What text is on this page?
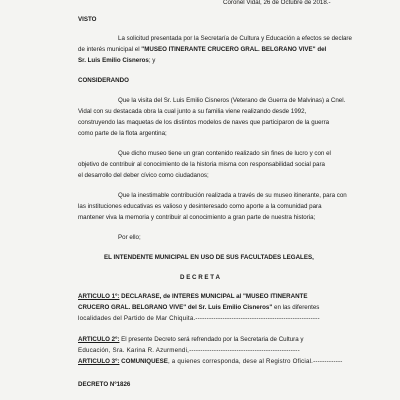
Coronel Vidal, 26 de Octubre de 2018.-
VISTO
La solicitud presentada por la Secretaría de Cultura y Educación a efectos se declare
de interés municipal el "MUSEO ITINERANTE CRUCERO GRAL. BELGRANO VIVE" del
Sr. Luis Emilio Cisneros; y
CONSIDERANDO
Que la visita del Sr. Luis Emilio Cisneros (Veterano de Guerra de Malvinas) a Cnel.
Vidal con su destacada obra la cual junto a su familia viene realizando desde 1992,
construyendo las maquetas de los distintos modelos de naves que participaron de la guerra
como parte de la flota argentina;
Que dicho museo tiene un gran contenido realizado sin fines de lucro y con el
objetivo de contribuir al conocimiento de la historia misma con responsabilidad social para
el desarrollo del deber cívico como ciudadanos;
Que la inestimable contribución realizada a través de su museo itinerante, para con
las instituciones educativas es valioso y desinteresado como aporte a la comunidad para
mantener viva la memoria y contribuir al conocimiento a gran parte de nuestra historia;
Por ello;
EL INTENDENTE MUNICIPAL EN USO DE SUS FACULTADES LEGALES,
D E C R E T A
ARTICULO 1º: DECLARASE, de INTERES MUNICIPAL al "MUSEO ITINERANTE
CRUCERO GRAL. BELGRANO VIVE" del Sr. Luis Emilio Cisneros" en las diferentes
localidades del Partido de Mar Chiquita.-------------------------------------------------------
ARTICULO 2º: El presente Decreto será refrendado por la Secretaria de Cultura y
Educación, Sra. Karina R. Azurmendi,-------------------------------------------------
ARTICULO 3º: COMUNIQUESE, a quienes corresponda, dese al Registro Oficial.-------------
DECRETO Nº1826
